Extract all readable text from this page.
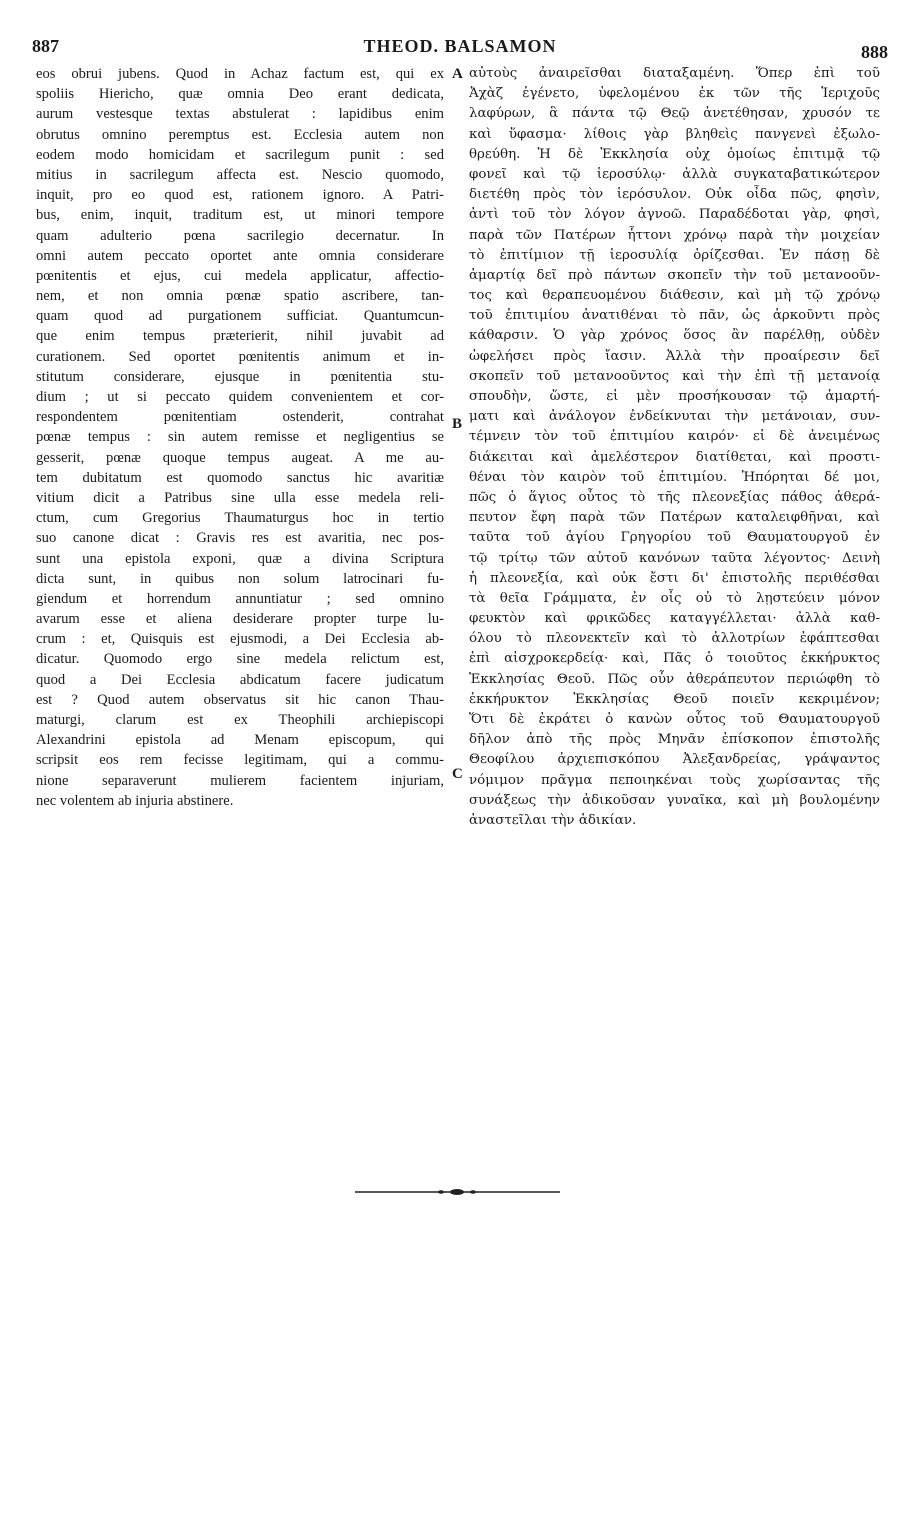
887	THEOD. BALSAMON	888
eos obrui jubens. Quod in Achaz factum est, qui ex
spoliis Hiericho, quæ omnia Deo erant dedicata,
aurum vestesque textas abstulerat : lapidibus enim
obrutus omnino peremptus est. Ecclesia autem non
eodem modo homicidam et sacrilegum punit : sed
mitius in sacrilegum affecta est. Nescio quomodo,
inquit, pro eo quod est, rationem ignoro. A Patri-
bus, enim, inquit, traditum est, ut minori tempore
quam adulterio pœna sacrilegio decernatur. In
omni autem peccato oportet ante omnia considerare
pœnitentis et ejus, cui medela applicatur, affectio-
nem, et non omnia pœnæ spatio ascribere, tan-
quam quod ad purgationem sufficiat. Quantumcun-
que enim tempus præterierit, nihil juvabit ad
curationem. Sed oportet pœnitentis animum et in-
stitutum considerare, ejusque in pœnitentia stu-
dium ; ut si peccato quidem convenientem et cor-
respondentem pœnitentiam ostenderit, contrahat
pœnæ tempus : sin autem remisse et negligentius se
gesserit, pœnæ quoque tempus augeat. A me au-
tem dubitatum est quomodo sanctus hic avaritiæ
vitium dicit a Patribus sine ulla esse medela reli-
ctum, cum Gregorius Thaumaturgus hoc in tertio
suo canone dicat : Gravis res est avaritia, nec pos-
sunt una epistola exponi, quæ a divina Scriptura
dicta sunt, in quibus non solum latrocinari fu-
giendum et horrendum annuntiatur ; sed omnino
avarum esse et aliena desiderare propter turpe lu-
crum : et, Quisquis est ejusmodi, a Dei Ecclesia ab-
dicatur. Quomodo ergo sine medela relictum est,
quod a Dei Ecclesia abdicatum facere judicatum
est ? Quod autem observatus sit hic canon Thau-
maturgi, clarum est ex Theophili archiepiscopi
Alexandrini epistola ad Menam episcopum, qui
scripsit eos rem fecisse legitimam, qui a commu-
nione separaverunt mulierem facientem injuriam,
nec volentem ab injuria abstinere.
αὐτοὺς ἀναιρεῖσθαι διαταξαμένη. Ὅπερ ἐπὶ τοῦ
Ἀχὰζ ἐγένετο, ὑφελομένου ἐκ τῶν τῆς Ἱεριχοῦς
λαφύρων, ἃ πάντα τῷ Θεῷ ἀνετέθησαν, χρυσόν τε
καὶ ὕφασμα· λίθοις γὰρ βληθεὶς πανγενεὶ ἐξωλο-
θρεύθη. Ἡ δὲ Ἐκκλησία οὐχ ὁμοίως ἐπιτιμᾷ τῷ
φονεῖ καὶ τῷ ἱεροσύλῳ· ἀλλὰ συγκαταβατικώτερον
διετέθη πρὸς τὸν ἱερόσυλον. Οὐκ οἶδα πῶς, φησὶν,
ἀντὶ τοῦ τὸν λόγον ἀγνοῶ. Παραδέδοται γὰρ, φησὶ,
παρὰ τῶν Πατέρων ἧττονι χρόνῳ παρὰ τὴν μοιχείαν
τὸ ἐπιτίμιον τῇ ἱεροσυλίᾳ ὁρίζεσθαι. Ἐν πάσῃ δὲ
ἁμαρτίᾳ δεῖ πρὸ πάντων σκοπεῖν τὴν τοῦ μετανοοῦν-
τος καὶ θεραπευομένου διάθεσιν, καὶ μὴ τῷ χρόνῳ
τοῦ ἐπιτιμίου ἀνατιθέναι τὸ πᾶν, ὡς ἀρκοῦντι πρὸς
κάθαρσιν. Ὁ γὰρ χρόνος ὅσος ἂν παρέλθῃ, οὐδὲν
ὠφελήσει πρὸς ἴασιν. Ἀλλὰ τὴν προαίρεσιν δεῖ
σκοπεῖν τοῦ μετανοοῦντος καὶ τὴν ἐπὶ τῇ μετανοίᾳ
σπουδὴν, ὥστε, εἰ μὲν προσήκουσαν τῷ ἁμαρτή-
ματι καὶ ἀνάλογον ἐνδείκνυται τὴν μετάνοιαν, συν-
τέμνειν τὸν τοῦ ἐπιτιμίου καιρόν· εἰ δὲ ἀνειμένως
διάκειται καὶ ἀμελέστερον διατίθεται, καὶ προστι-
θέναι τὸν καιρὸν τοῦ ἐπιτιμίου. Ἠπόρηται δέ μοι,
πῶς ὁ ἅγιος οὗτος τὸ τῆς πλεονεξίας πάθος ἀθερά-
πευτον ἔφη παρὰ τῶν Πατέρων καταλειφθῆναι, καὶ
ταῦτα τοῦ ἁγίου Γρηγορίου τοῦ Θαυματουργοῦ ἐν
τῷ τρίτῳ τῶν αὐτοῦ κανόνων ταῦτα λέγοντος· Δεινὴ
ἡ πλεονεξία, καὶ οὐκ ἔστι δι' ἐπιστολῆς περιθέσθαι
τὰ θεῖα Γράμματα, ἐν οἷς οὐ τὸ λῃστεύειν μόνον
φευκτὸν καὶ φρικῶδες καταγγέλλεται· ἀλλὰ καθ-
όλου τὸ πλεονεκτεῖν καὶ τὸ ἀλλοτρίων ἐφάπτεσθαι
ἐπὶ αἰσχροκερδείᾳ· καὶ, Πᾶς ὁ τοιοῦτος ἐκκήρυκτος
Ἐκκλησίας Θεοῦ. Πῶς οὖν ἀθεράπευτον περιώφθη τὸ
ἐκκήρυκτον Ἐκκλησίας Θεοῦ ποιεῖν κεκριμένον;
Ὅτι δὲ ἐκράτει ὁ κανὼν οὗτος τοῦ Θαυματουργοῦ
δῆλον ἀπὸ τῆς πρὸς Μηνᾶν ἐπίσκοπον ἐπιστολῆς
Θεοφίλου ἀρχιεπισκόπου Ἀλεξανδρείας, γράψαντος
νόμιμον πρᾶγμα πεποιηκέναι τοὺς χωρίσαντας τῆς
συνάξεως τὴν ἀδικοῦσαν γυναῖκα, καὶ μὴ βουλομένην
ἀναστεῖλαι τὴν ἀδικίαν.
A
B
C
